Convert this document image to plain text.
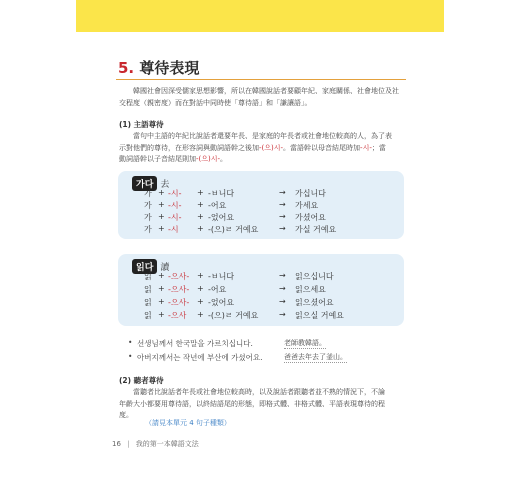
5. 尊待表現
韓國社會因深受儒家思想影響，所以在韓國說話者要顧年紀、家庭關係、社會地位及社交程度（親密度）而在對話中同時使「尊待語」和「謙讓語」。
(1) 主語尊待
當句中主語的年紀比說話者還要年長、是家庭的年長者或社會地位較高的人，為了表
示對他們的尊待，在形容詞與動詞語幹之後加-(으)시-。當語幹以母音結尾時加-시-；當
動詞語幹以子音結尾則加-(으)시-。
가다 去
가 + -시- + -ㅂ니다	→ 가십니다
가 + -시- + -어요	→ 가세요
가 + -시- + -었어요	→ 가셨어요
가 + -시 + -(으)ㄹ 거예요	→ 가실 거예요
읽다 讀
읽 + -으사- + -ㅂ니다	→ 읽으십니다
읽 + -으사- + -어요	→ 읽으세요
읽 + -으사- + -었어요	→ 읽으셨어요
읽 + -으사 + -(으)ㄹ 거예요	→ 읽으실 거예요
• 선생님께서 한국말을 가르치십니다.	老師教韓語。
• 아버지께서는 작년에 부산에 가셨어요.	爸爸去年去了釜山。
(2) 聽者尊待
當聽者比說話者年長或社會地位較高時，以及說話者跟聽者並不熟的情況下，不論
年齡大小都要用尊待語，以終結語尾的形態，即格式體、非格式體、平語表現尊待的程
度。
（請見本單元 4 句子種類）
16 | 我的第一本韓語文法
